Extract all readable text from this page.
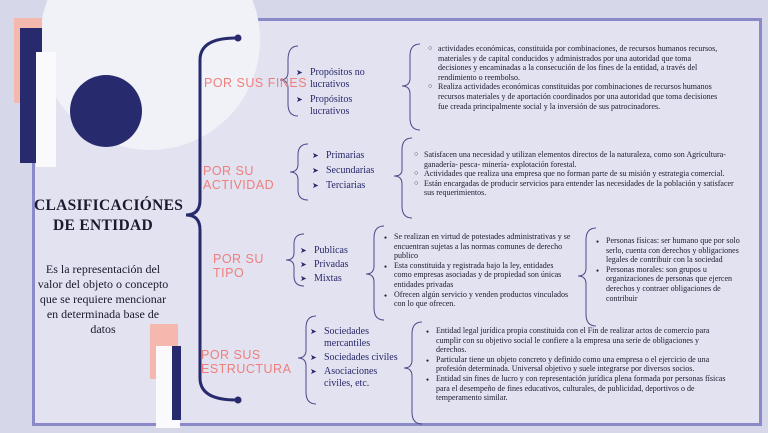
CLASIFICACIÓNES DE ENTIDAD
Es la representación del valor del objeto o concepto que se requiere mencionar en determinada base de datos
POR SUS FINES
POR SU ACTIVIDAD
POR SU TIPO
POR SUS ESTRUCTURA
➤ Propósitos no lucrativos
➤ Propósitos lucrativos
➤ Primarias
➤ Secundarias
➤ Terciarias
➤ Publicas
➤ Privadas
➤ Mixtas
➤ Sociedades mercantiles
➤ Sociedades civiles
➤ Asociaciones civiles, etc.
○ actividades económicas, constituida por combinaciones, de recursos humanos recursos, materiales y de capital conducidos y administrados por una autoridad que toma decisiones y encaminadas a la consecución de los fines de la entidad, a través del rendimiento o reembolso.
○ Realiza actividades económicas constituidas por combinaciones de recursos humanos recursos materiales y de aportación coordinados por una autoridad que toma decisiones fue creada principalmente social y la inversión de sus patrocinadores.
○ Satisfacen una necesidad y utilizan elementos directos de la naturaleza, como son Agricultura- ganadería- pesca- minería- explotación forestal.
○ Actividades que realiza una empresa que no forman parte de su misión y estrategia comercial.
○ Están encargadas de producir servicios para entender las necesidades de la población y satisfacer sus requerimientos.
● Se realizan en virtud de potestades administrativas y se encuentran sujetas a las normas comunes de derecho publico
● Esta constituida y registrada bajo la ley, entidades como empresas asociadas y de propiedad son únicas entidades privadas
● Ofrecen algún servicio y venden productos vinculados con lo que ofrecen.
● Personas físicas: ser humano que por solo serlo, cuenta con derechos y obligaciones legales de contribuir con la sociedad
● Personas morales: son grupos u organizaciones de personas que ejercen derechos y contraer obligaciones de contribuir
● Entidad legal jurídica propia constituida con el Fin de realizar actos de comercio para cumplir con su objetivo social le confiere a la empresa una serie de obligaciones y derechos.
● Particular tiene un objeto concreto y definido como una empresa o el ejercicio de una profesión determinada. Universal objetivo y suele integrarse por diversos socios.
● Entidad sin fines de lucro y con representación jurídica plena formada por personas físicas para el desempeño de fines educativos, culturales, de publicidad, deportivos o de temperamento similar.
